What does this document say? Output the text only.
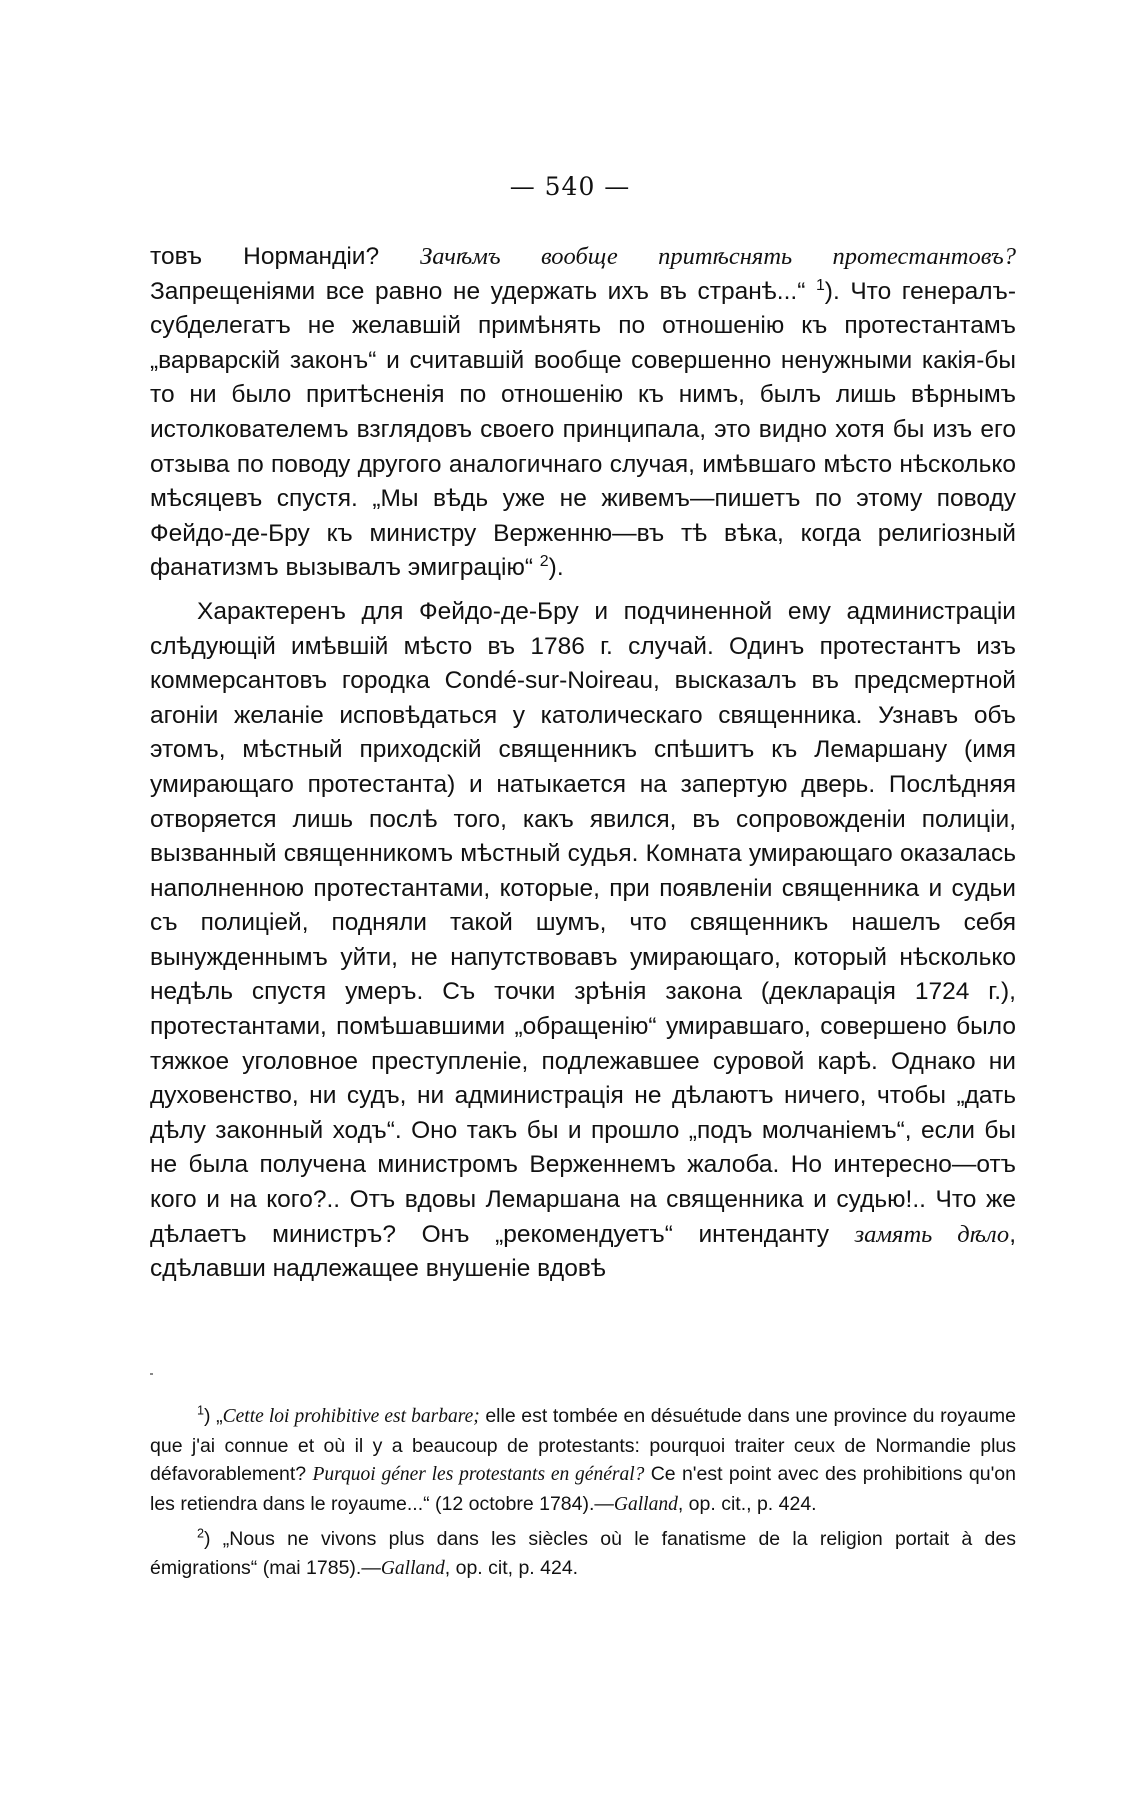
— 540 —

товъ Нормандіи? Зачѣмъ вообще притѣснять протестантовъ? Запрещеніями все равно не удержать ихъ въ странѣ...“ $^1$). Что генералъ-субделегатъ не желавшій примѣнять по отношенію къ протестантамъ „варварскій законъ“ и считавшій вообще совершенно ненужными какія-бы то ни было притѣсненія по отношенію къ нимъ, былъ лишь вѣрнымъ истолкователемъ взглядовъ своего принципала, это видно хотя бы изъ его отзыва по поводу другого аналогичнаго случая, имѣвшаго мѣсто нѣсколько мѣсяцевъ спустя. „Мы вѣдь уже не живемъ—пишетъ по этому поводу Фейдо-де-Бру къ министру Верженню—въ тѣ вѣка, когда религіозный фанатизмъ вызывалъ эмиграцію“ $^2$).

Характеренъ для Фейдо-де-Бру и подчиненной ему администраціи слѣдующій имѣвшій мѣсто въ 1786 г. случай. Одинъ протестантъ изъ коммерсантовъ городка Condé-sur-Noireau, высказалъ въ предсмертной агоніи желаніе исповѣдаться у католическаго священника. Узнавъ объ этомъ, мѣстный приходскій священникъ спѣшитъ къ Лемаршану (имя умирающаго протестанта) и натыкается на запертую дверь. Послѣдняя отворяется лишь послѣ того, какъ явился, въ сопровожденіи полиціи, вызванный священникомъ мѣстный судья. Комната умирающаго оказалась наполненною протестантами, которые, при появленіи священника и судьи съ полиціей, подняли такой шумъ, что священникъ нашелъ себя вынужденнымъ уйти, не напутствовавъ умирающаго, который нѣсколько недѣль спустя умеръ. Съ точки зрѣнія закона (декларація 1724 г.), протестантами, помѣшавшими „обращенію“ умиравшаго, совершено было тяжкое уголовное преступленіе, подлежавшее суровой карѣ. Однако ни духовенство, ни судъ, ни администрація не дѣлаютъ ничего, чтобы „дать дѣлу законный ходъ“. Оно такъ бы и прошло „подъ молчаніемъ“, если бы не была получена министромъ Верженнемъ жалоба. Но интересно—отъ кого и на кого?.. Отъ вдовы Лемаршана на священника и судью!.. Что же дѣлаетъ министръ? Онъ „рекомендуетъ“ интенданту замять дѣло, сдѣлавши надлежащее внушеніе вдовѣ

$^1$) „Cette loi prohibitive est barbare; elle est tombée en désuétude dans une province du royaume que j'ai connue et où il y a beaucoup de protestants: pourquoi traiter ceux de Normandie plus défavorablement? Purquoi géner les protestants en général? Ce n'est point avec des prohibitions qu'on les retiendra dans le royaume...“ (12 octobre 1784).—Galland, op. cit., p. 424.

$^2$) „Nous ne vivons plus dans les siècles où le fanatisme de la religion portait à des émigrations“ (mai 1785).—Galland, op. cit, p. 424.
